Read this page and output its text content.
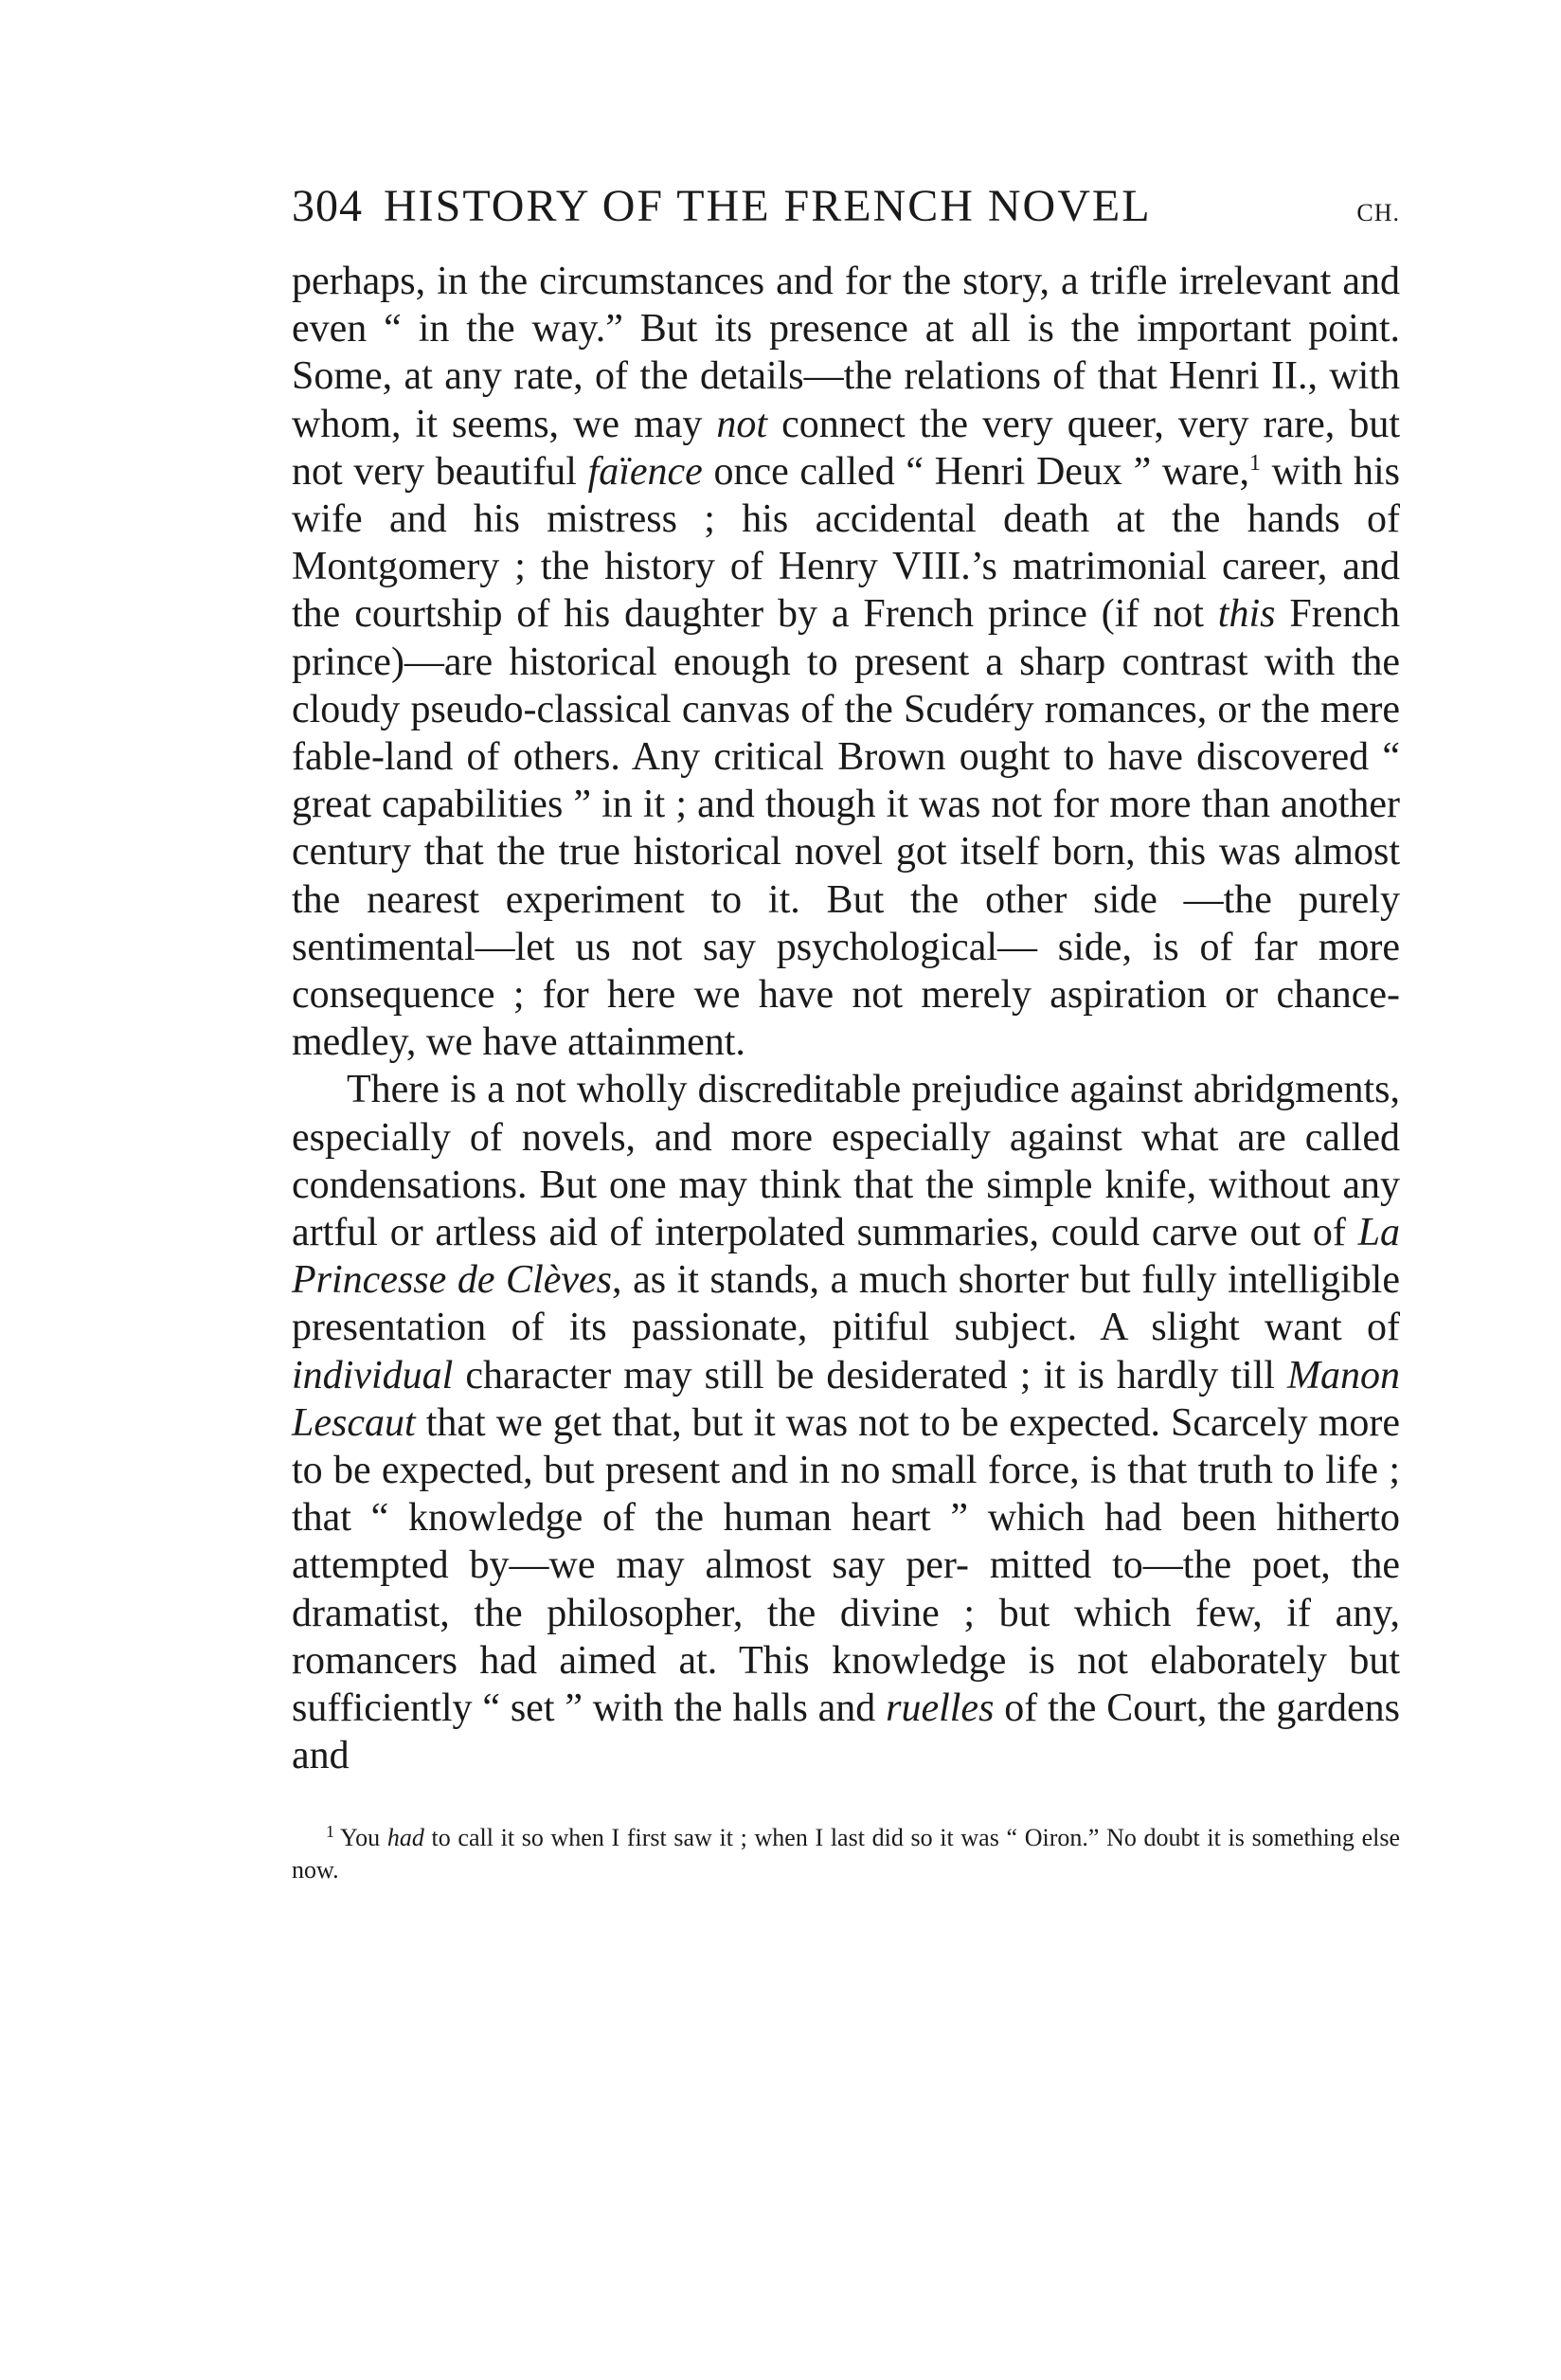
304 HISTORY OF THE FRENCH NOVEL	CH.

perhaps, in the circumstances and for the story, a trifle irrelevant and even “ in the way.” But its presence at all is the important point. Some, at any rate, of the details—the relations of that Henri II., with whom, it seems, we may not connect the very queer, very rare, but not very beautiful faïence once called “ Henri Deux ” ware,$^1$ with his wife and his mistress ; his accidental death at the hands of Montgomery ; the history of Henry VIII.’s matrimonial career, and the courtship of his daughter by a French prince (if not this French prince)—are historical enough to present a sharp contrast with the cloudy pseudo-classical canvas of the Scudéry romances, or the mere fable-land of others. Any critical Brown ought to have discovered “ great capabilities ” in it ; and though it was not for more than another century that the true historical novel got itself born, this was almost the nearest experiment to it. But the other side —the purely sentimental—let us not say psychological— side, is of far more consequence ; for here we have not merely aspiration or chance-medley, we have attainment.

There is a not wholly discreditable prejudice against abridgments, especially of novels, and more especially against what are called condensations. But one may think that the simple knife, without any artful or artless aid of interpolated summaries, could carve out of La Princesse de Clèves, as it stands, a much shorter but fully intelligible presentation of its passionate, pitiful subject. A slight want of individual character may still be desiderated ; it is hardly till Manon Lescaut that we get that, but it was not to be expected. Scarcely more to be expected, but present and in no small force, is that truth to life ; that “ knowledge of the human heart ” which had been hitherto attempted by—we may almost say per- mitted to—the poet, the dramatist, the philosopher, the divine ; but which few, if any, romancers had aimed at. This knowledge is not elaborately but sufficiently “ set ” with the halls and ruelles of the Court, the gardens and

$^1$ You had to call it so when I first saw it ; when I last did so it was “ Oiron.” No doubt it is something else now.
